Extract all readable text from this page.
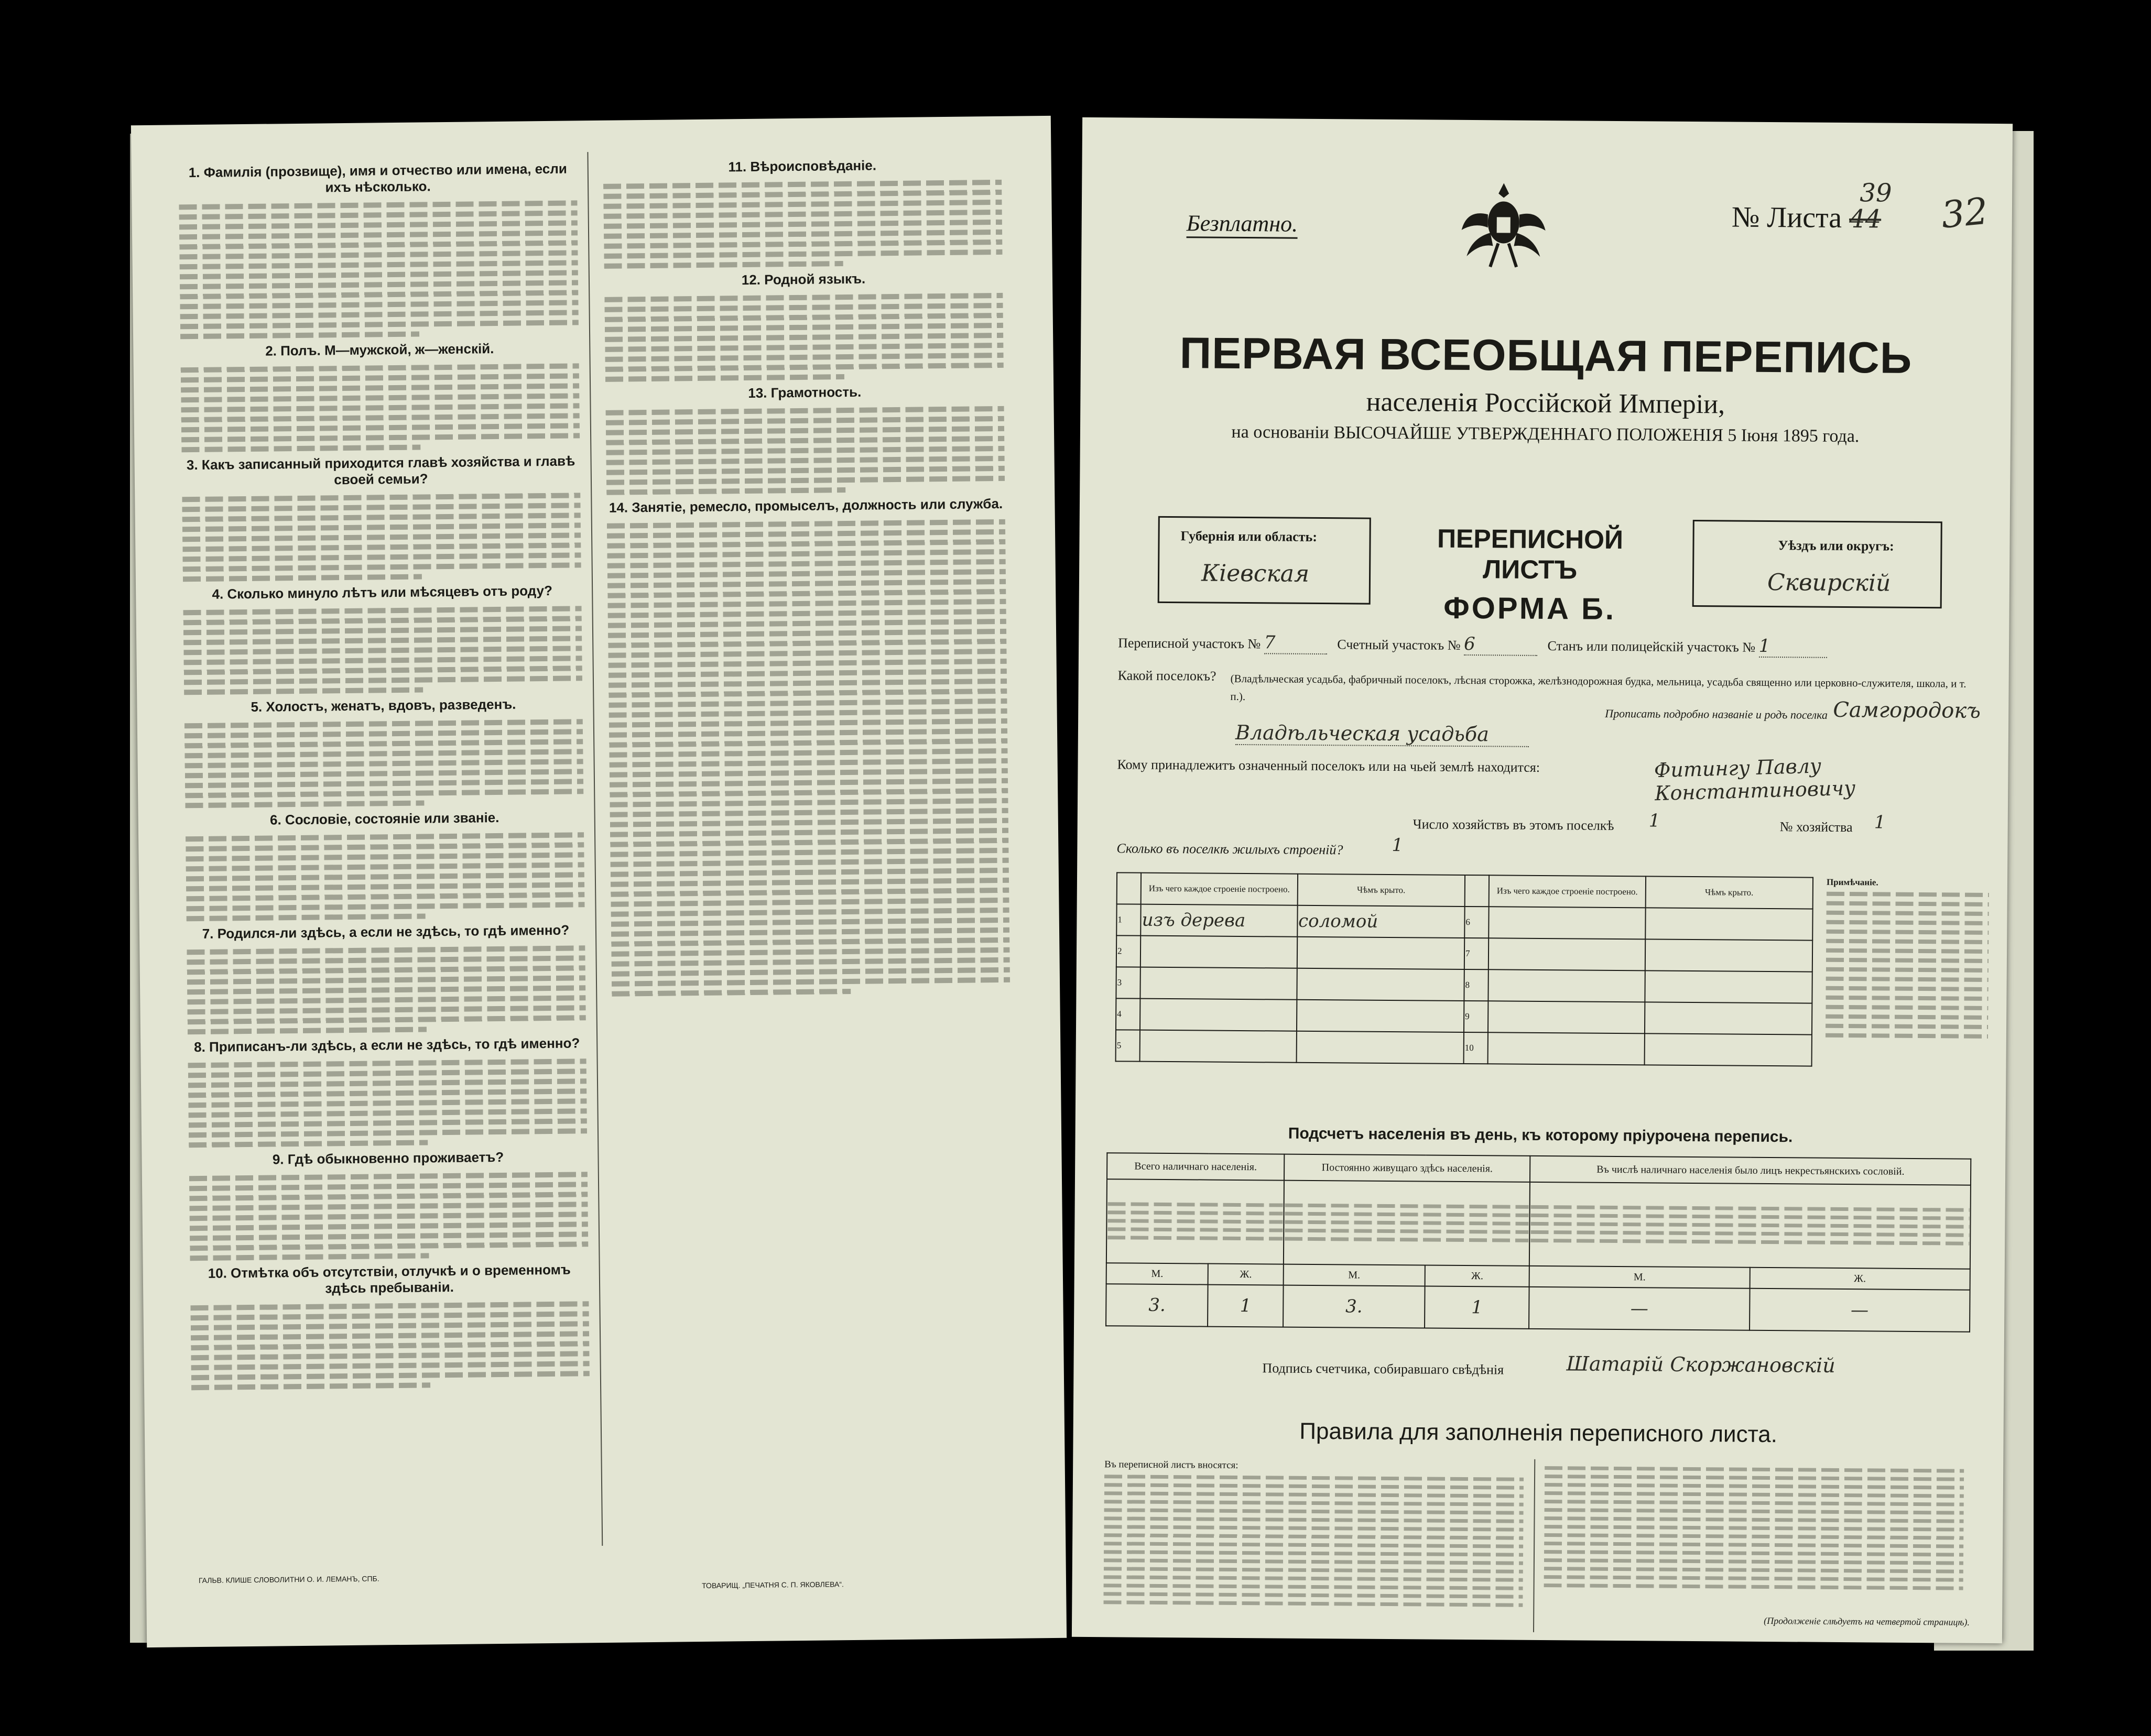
1. Фамилія (прозвище), имя и отчество или имена, если ихъ нѣсколько.
2. Полъ. М—мужской, ж—женскій.
3. Какъ записанный приходится главѣ хозяйства и главѣ своей семьи?
4. Сколько минуло лѣтъ или мѣсяцевъ отъ роду?
5. Холостъ, женатъ, вдовъ, разведенъ.
6. Сословіе, состояніе или званіе.
7. Родился-ли здѣсь, а если не здѣсь, то гдѣ именно?
8. Приписанъ-ли здѣсь, а если не здѣсь, то гдѣ именно?
9. Гдѣ обыкновенно проживаетъ?
10. Отмѣтка объ отсутствіи, отлучкѣ и о временномъ здѣсь пребываніи.
11. Вѣроисповѣданіе.
12. Родной языкъ.
13. Грамотность.
14. Занятіе, ремесло, промыселъ, должность или служба.
ГАЛЬВ. КЛИШЕ СЛОВОЛИТНИ О. И. ЛЕМАНЪ, СПБ.
ТОВАРИЩ. „ПЕЧАТНЯ С. П. ЯКОВЛЕВА“.
Безплатно.	№ Листа
39
44 32
ПЕРВАЯ ВСЕОБЩАЯ ПЕРЕПИСЬ
населенія Россійской Имперіи,
на основаніи ВЫСОЧАЙШЕ УТВЕРЖДЕННАГО ПОЛОЖЕНІЯ 5 Іюня 1895 года.
Губернія или область:
Кіевская
ПЕРЕПИСНОЙ ЛИСТЪ
ФОРМА Б.
Уѣздъ или округъ:
Сквирскій
Переписной участокъ № 7	Счетный участокъ № 6	Станъ или полицейскій участокъ № 1
Какой поселокъ? (Владѣльческая усадьба, фабричный поселокъ, лѣсная сторожка, желѣзнодорожная будка, мельница, усадьба священно или церковно-служителя, школа, и т. п.).
Прописать подробно названіе и родъ поселка Самгородокъ
Владѣльческая усадьба
Кому принадлежитъ означенный поселокъ или на чьей землѣ находится:	Фитингу Павлу Константиновичу
Число хозяйствъ въ этомъ поселкѣ 1	№ хозяйства 1
Сколько въ поселкѣ жилыхъ строеній?	1
	Изъ чего каждое строеніе построено.	Чѣмъ крыто.		Изъ чего каждое строеніе построено.	Чѣмъ крыто.
1	изъ дерева	соломой	6		
2			7		
3			8		
4			9		
5			10		
Примѣчаніе.
Подсчетъ населенія въ день, къ которому пріурочена перепись.
Всего наличнаго населенія.		Постоянно живущаго здѣсь населенія.		Въ числѣ наличнаго населенія было лицъ некрестьянскихъ сословій.	

М.	Ж.	М.	Ж.	М.	Ж.
3.	1	3.	1	—	—
Подпись счетчика, собиравшаго свѣдѣнія	Шатарій Скоржановскій
Правила для заполненія переписного листа.
Въ переписной листъ вносятся:
(Продолженіе слѣдуетъ на четвертой страницѣ).
